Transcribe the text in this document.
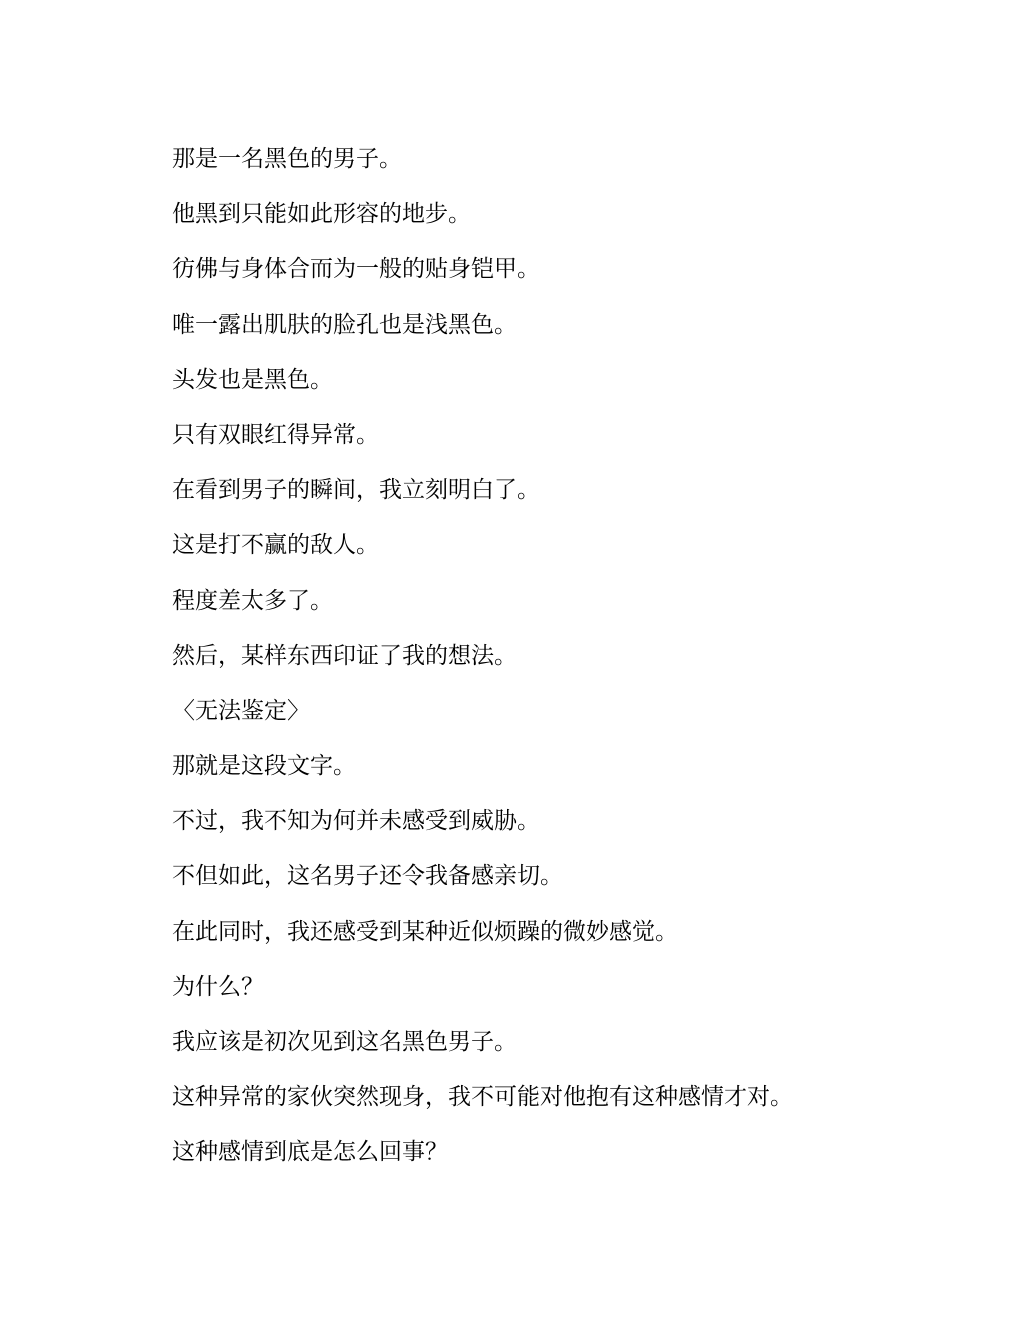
那是一名黑色的男子。

他黑到只能如此形容的地步。

彷佛与身体合而为一般的贴身铠甲。

唯一露出肌肤的脸孔也是浅黑色。

头发也是黑色。

只有双眼红得异常。

在看到男子的瞬间，我立刻明白了。

这是打不赢的敌人。

程度差太多了。

然后，某样东西印证了我的想法。

〈无法鉴定〉

那就是这段文字。

不过，我不知为何并未感受到威胁。

不但如此，这名男子还令我备感亲切。

在此同时，我还感受到某种近似烦躁的微妙感觉。

为什么？

我应该是初次见到这名黑色男子。

这种异常的家伙突然现身，我不可能对他抱有这种感情才对。

这种感情到底是怎么回事？
